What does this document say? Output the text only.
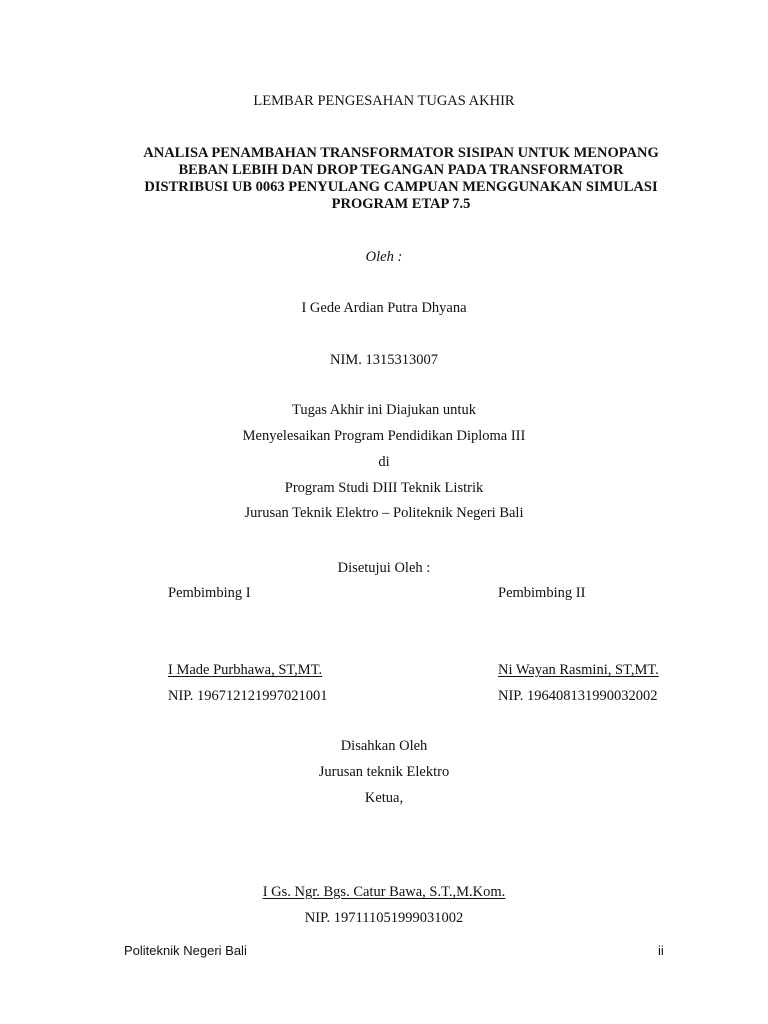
LEMBAR PENGESAHAN TUGAS AKHIR
ANALISA PENAMBAHAN TRANSFORMATOR SISIPAN UNTUK MENOPANG
BEBAN LEBIH DAN DROP TEGANGAN PADA TRANSFORMATOR
DISTRIBUSI UB 0063 PENYULANG CAMPUAN MENGGUNAKAN SIMULASI
PROGRAM ETAP 7.5
Oleh :
I Gede Ardian Putra Dhyana
NIM. 1315313007
Tugas Akhir ini Diajukan untuk
Menyelesaikan Program Pendidikan Diploma III
di
Program Studi DIII Teknik Listrik
Jurusan Teknik Elektro – Politeknik Negeri Bali
Disetujui Oleh :
Pembimbing I	Pembimbing II
I Made Purbhawa, ST,MT.	Ni Wayan Rasmini, ST,MT.
NIP. 196712121997021001	NIP. 196408131990032002
Disahkan Oleh
Jurusan teknik Elektro
Ketua,
I Gs. Ngr. Bgs. Catur Bawa, S.T.,M.Kom.
NIP. 197111051999031002
Politeknik Negeri Bali	ii
